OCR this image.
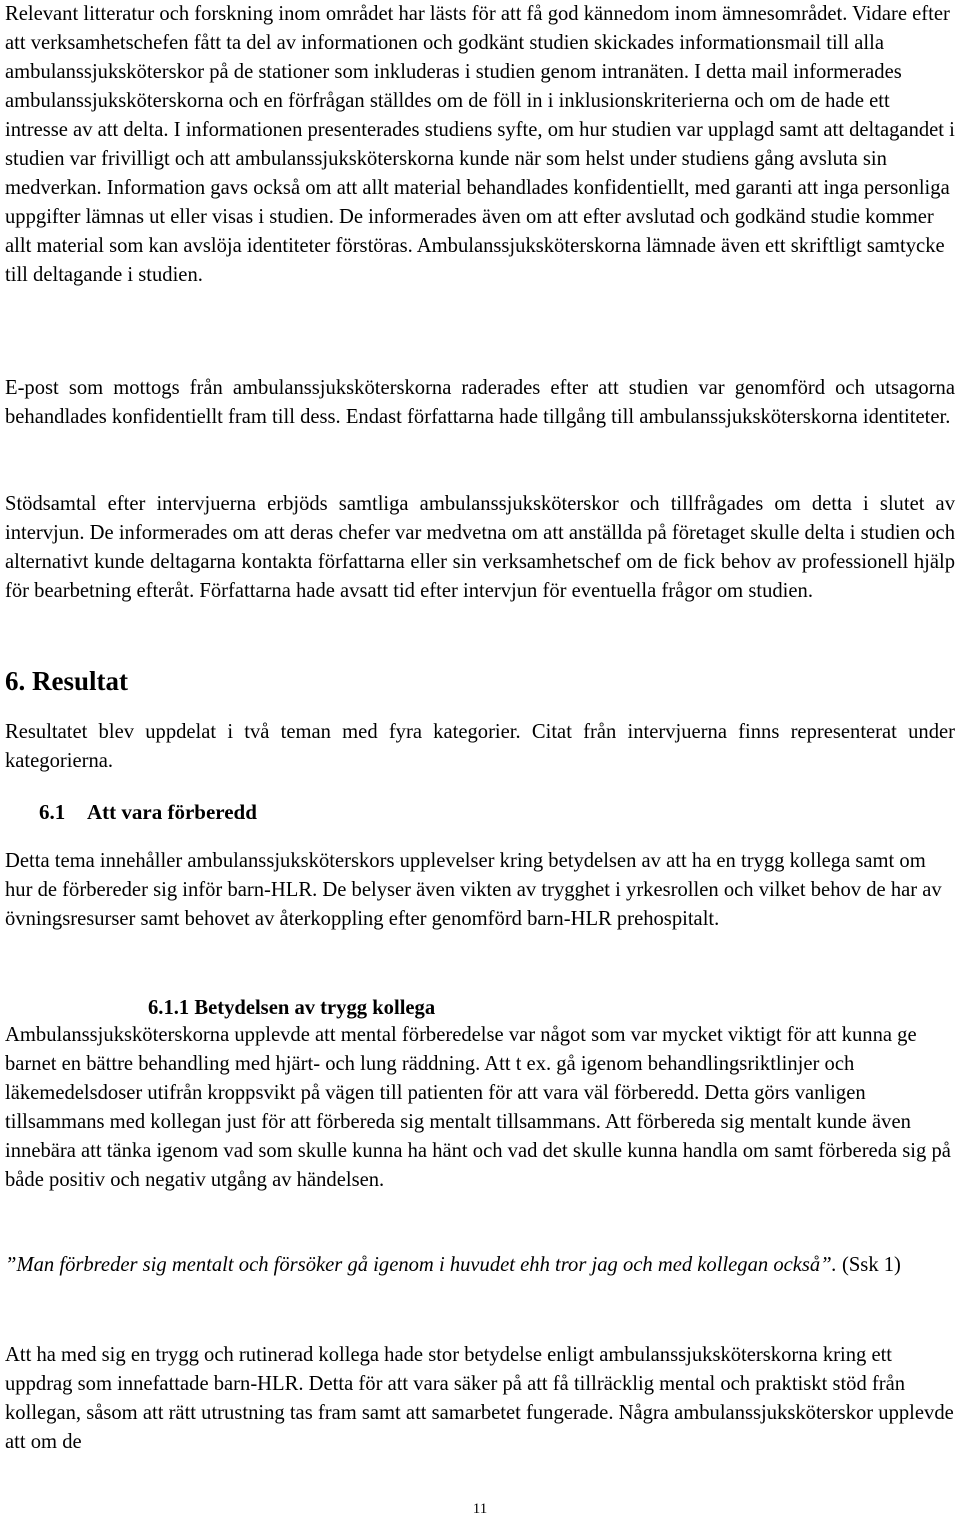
Relevant litteratur och forskning inom området har lästs för att få god kännedom inom ämnesområdet. Vidare efter att verksamhetschefen fått ta del av informationen och godkänt studien skickades informationsmail till alla ambulanssjuksköterskor på de stationer som inkluderas i studien genom intranäten. I detta mail informerades ambulanssjuksköterskorna och en förfrågan ställdes om de föll in i inklusionskriterierna och om de hade ett intresse av att delta. I informationen presenterades studiens syfte, om hur studien var upplagd samt att deltagandet i studien var frivilligt och att ambulanssjuksköterskorna kunde när som helst under studiens gång avsluta sin medverkan. Information gavs också om att allt material behandlades konfidentiellt, med garanti att inga personliga uppgifter lämnas ut eller visas i studien. De informerades även om att efter avslutad och godkänd studie kommer allt material som kan avslöja identiteter förstöras. Ambulanssjuksköterskorna lämnade även ett skriftligt samtycke till deltagande i studien.

E-post som mottogs från ambulanssjuksköterskorna raderades efter att studien var genomförd och utsagorna behandlades konfidentiellt fram till dess. Endast författarna hade tillgång till ambulanssjuksköterskorna identiteter.

Stödsamtal efter intervjuerna erbjöds samtliga ambulanssjuksköterskor och tillfrågades om detta i slutet av intervjun. De informerades om att deras chefer var medvetna om att anställda på företaget skulle delta i studien och alternativt kunde deltagarna kontakta författarna eller sin verksamhetschef om de fick behov av professionell hjälp för bearbetning efteråt. Författarna hade avsatt tid efter intervjun för eventuella frågor om studien.

6. Resultat

Resultatet blev uppdelat i två teman med fyra kategorier. Citat från intervjuerna finns representerat under kategorierna.

6.1 Att vara förberedd

Detta tema innehåller ambulanssjuksköterskors upplevelser kring betydelsen av att ha en trygg kollega samt om hur de förbereder sig inför barn-HLR. De belyser även vikten av trygghet i yrkesrollen och vilket behov de har av övningsresurser samt behovet av återkoppling efter genomförd barn-HLR prehospitalt.

6.1.1 Betydelsen av trygg kollega

Ambulanssjuksköterskorna upplevde att mental förberedelse var något som var mycket viktigt för att kunna ge barnet en bättre behandling med hjärt- och lung räddning. Att t ex. gå igenom behandlingsriktlinjer och läkemedelsdoser utifrån kroppsvikt på vägen till patienten för att vara väl förberedd. Detta görs vanligen tillsammans med kollegan just för att förbereda sig mentalt tillsammans. Att förbereda sig mentalt kunde även innebära att tänka igenom vad som skulle kunna ha hänt och vad det skulle kunna handla om samt förbereda sig på både positiv och negativ utgång av händelsen.

”Man förbreder sig mentalt och försöker gå igenom i huvudet ehh tror jag och med kollegan också”. (Ssk 1)

Att ha med sig en trygg och rutinerad kollega hade stor betydelse enligt ambulanssjuksköterskorna kring ett uppdrag som innefattade barn-HLR. Detta för att vara säker på att få tillräcklig mental och praktiskt stöd från kollegan, såsom att rätt utrustning tas fram samt att samarbetet fungerade. Några ambulanssjuksköterskor upplevde att om de

11
